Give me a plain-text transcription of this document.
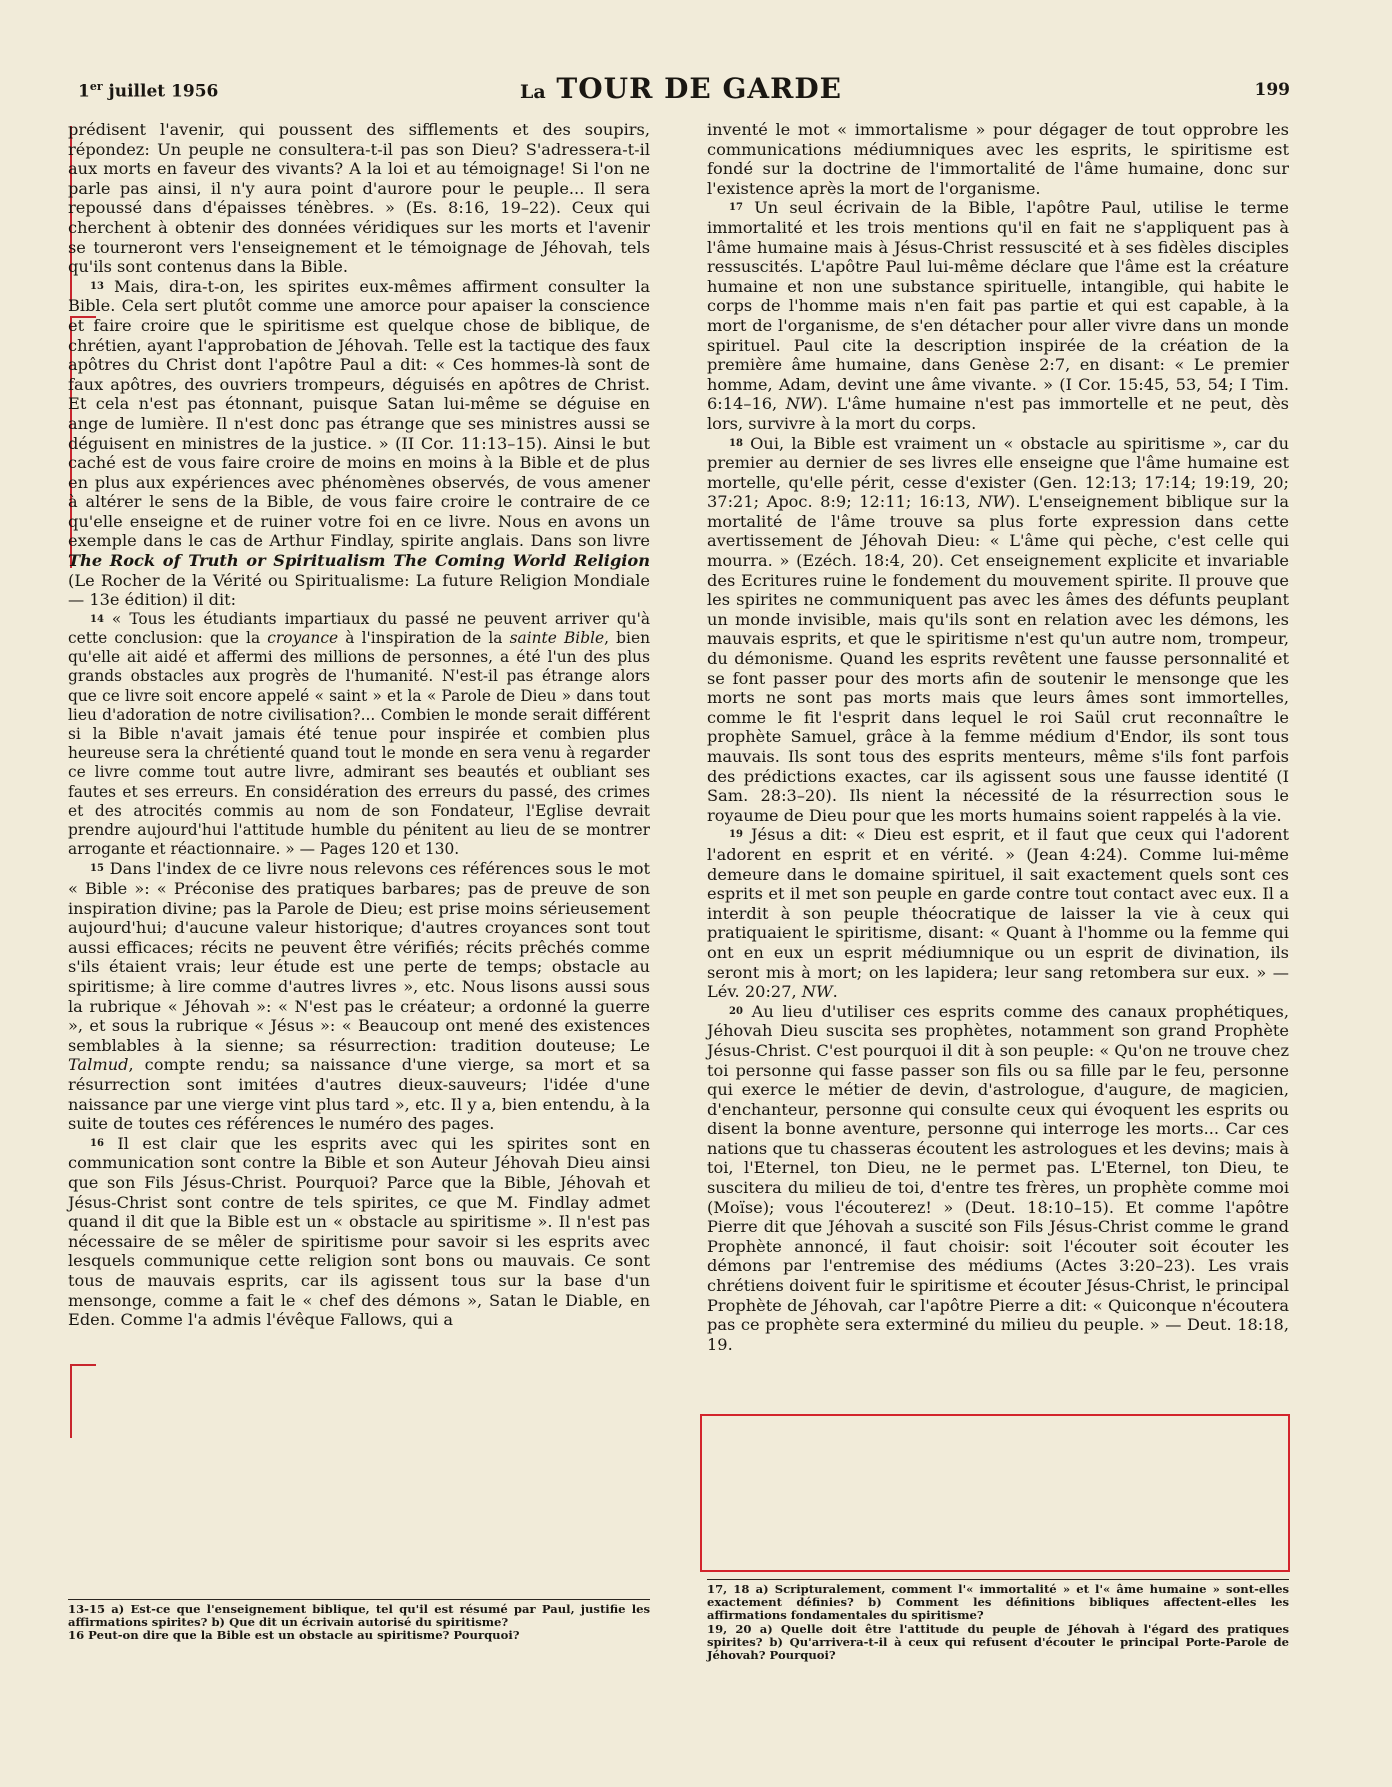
1er juillet 1956	La TOUR DE GARDE	199

prédisent l'avenir, qui poussent des sifflements et des soupirs, répondez: Un peuple ne consultera-t-il pas son Dieu? S'adressera-t-il aux morts en faveur des vivants? A la loi et au témoignage! Si l'on ne parle pas ainsi, il n'y aura point d'aurore pour le peuple... Il sera repoussé dans d'épaisses ténèbres. » (Es. 8:16, 19–22). Ceux qui cherchent à obtenir des données véridiques sur les morts et l'avenir se tourneront vers l'enseignement et le témoignage de Jéhovah, tels qu'ils sont contenus dans la Bible.

$^{13}$ Mais, dira-t-on, les spirites eux-mêmes affirment consulter la Bible. Cela sert plutôt comme une amorce pour apaiser la conscience et faire croire que le spiritisme est quelque chose de biblique, de chrétien, ayant l'approbation de Jéhovah. Telle est la tactique des faux apôtres du Christ dont l'apôtre Paul a dit: « Ces hommes-là sont de faux apôtres, des ouvriers trompeurs, déguisés en apôtres de Christ. Et cela n'est pas étonnant, puisque Satan lui-même se déguise en ange de lumière. Il n'est donc pas étrange que ses ministres aussi se déguisent en ministres de la justice. » (II Cor. 11:13–15). Ainsi le but caché est de vous faire croire de moins en moins à la Bible et de plus en plus aux expériences avec phénomènes observés, de vous amener à altérer le sens de la Bible, de vous faire croire le contraire de ce qu'elle enseigne et de ruiner votre foi en ce livre. Nous en avons un exemple dans le cas de Arthur Findlay, spirite anglais. Dans son livre The Rock of Truth or Spiritualism The Coming World Religion (Le Rocher de la Vérité ou Spiritualisme: La future Religion Mondiale — 13e édition) il dit:

$^{14}$ « Tous les étudiants impartiaux du passé ne peuvent arriver qu'à cette conclusion: que la croyance à l'inspiration de la sainte Bible, bien qu'elle ait aidé et affermi des millions de personnes, a été l'un des plus grands obstacles aux progrès de l'humanité. N'est-il pas étrange alors que ce livre soit encore appelé « saint » et la « Parole de Dieu » dans tout lieu d'adoration de notre civilisation?... Combien le monde serait différent si la Bible n'avait jamais été tenue pour inspirée et combien plus heureuse sera la chrétienté quand tout le monde en sera venu à regarder ce livre comme tout autre livre, admirant ses beautés et oubliant ses fautes et ses erreurs. En considération des erreurs du passé, des crimes et des atrocités commis au nom de son Fondateur, l'Eglise devrait prendre aujourd'hui l'attitude humble du pénitent au lieu de se montrer arrogante et réactionnaire. » — Pages 120 et 130.

$^{15}$ Dans l'index de ce livre nous relevons ces références sous le mot « Bible »: « Préconise des pratiques barbares; pas de preuve de son inspiration divine; pas la Parole de Dieu; est prise moins sérieusement aujourd'hui; d'aucune valeur historique; d'autres croyances sont tout aussi efficaces; récits ne peuvent être vérifiés; récits prêchés comme s'ils étaient vrais; leur étude est une perte de temps; obstacle au spiritisme; à lire comme d'autres livres », etc. Nous lisons aussi sous la rubrique « Jéhovah »: « N'est pas le créateur; a ordonné la guerre », et sous la rubrique « Jésus »: « Beaucoup ont mené des existences semblables à la sienne; sa résurrection: tradition douteuse; Le Talmud, compte rendu; sa naissance d'une vierge, sa mort et sa résurrection sont imitées d'autres dieux-sauveurs; l'idée d'une naissance par une vierge vint plus tard », etc. Il y a, bien entendu, à la suite de toutes ces références le numéro des pages.

$^{16}$ Il est clair que les esprits avec qui les spirites sont en communication sont contre la Bible et son Auteur Jéhovah Dieu ainsi que son Fils Jésus-Christ. Pourquoi? Parce que la Bible, Jéhovah et Jésus-Christ sont contre de tels spirites, ce que M. Findlay admet quand il dit que la Bible est un « obstacle au spiritisme ». Il n'est pas nécessaire de se mêler de spiritisme pour savoir si les esprits avec lesquels communique cette religion sont bons ou mauvais. Ce sont tous de mauvais esprits, car ils agissent tous sur la base d'un mensonge, comme a fait le « chef des démons », Satan le Diable, en Eden. Comme l'a admis l'évêque Fallows, qui a

13-15 a) Est-ce que l'enseignement biblique, tel qu'il est résumé par Paul, justifie les affirmations spirites? b) Que dit un écrivain autorisé du spiritisme?

16 Peut-on dire que la Bible est un obstacle au spiritisme? Pourquoi?

inventé le mot « immortalisme » pour dégager de tout opprobre les communications médiumniques avec les esprits, le spiritisme est fondé sur la doctrine de l'immortalité de l'âme humaine, donc sur l'existence après la mort de l'organisme.

$^{17}$ Un seul écrivain de la Bible, l'apôtre Paul, utilise le terme immortalité et les trois mentions qu'il en fait ne s'appliquent pas à l'âme humaine mais à Jésus-Christ ressuscité et à ses fidèles disciples ressuscités. L'apôtre Paul lui-même déclare que l'âme est la créature humaine et non une substance spirituelle, intangible, qui habite le corps de l'homme mais n'en fait pas partie et qui est capable, à la mort de l'organisme, de s'en détacher pour aller vivre dans un monde spirituel. Paul cite la description inspirée de la création de la première âme humaine, dans Genèse 2:7, en disant: « Le premier homme, Adam, devint une âme vivante. » (I Cor. 15:45, 53, 54; I Tim. 6:14–16, NW). L'âme humaine n'est pas immortelle et ne peut, dès lors, survivre à la mort du corps.

$^{18}$ Oui, la Bible est vraiment un « obstacle au spiritisme », car du premier au dernier de ses livres elle enseigne que l'âme humaine est mortelle, qu'elle périt, cesse d'exister (Gen. 12:13; 17:14; 19:19, 20; 37:21; Apoc. 8:9; 12:11; 16:13, NW). L'enseignement biblique sur la mortalité de l'âme trouve sa plus forte expression dans cette avertissement de Jéhovah Dieu: « L'âme qui pèche, c'est celle qui mourra. » (Ezéch. 18:4, 20). Cet enseignement explicite et invariable des Ecritures ruine le fondement du mouvement spirite. Il prouve que les spirites ne communiquent pas avec les âmes des défunts peuplant un monde invisible, mais qu'ils sont en relation avec les démons, les mauvais esprits, et que le spiritisme n'est qu'un autre nom, trompeur, du démonisme. Quand les esprits revêtent une fausse personnalité et se font passer pour des morts afin de soutenir le mensonge que les morts ne sont pas morts mais que leurs âmes sont immortelles, comme le fit l'esprit dans lequel le roi Saül crut reconnaître le prophète Samuel, grâce à la femme médium d'Endor, ils sont tous mauvais. Ils sont tous des esprits menteurs, même s'ils font parfois des prédictions exactes, car ils agissent sous une fausse identité (I Sam. 28:3–20). Ils nient la nécessité de la résurrection sous le royaume de Dieu pour que les morts humains soient rappelés à la vie.

$^{19}$ Jésus a dit: « Dieu est esprit, et il faut que ceux qui l'adorent l'adorent en esprit et en vérité. » (Jean 4:24). Comme lui-même demeure dans le domaine spirituel, il sait exactement quels sont ces esprits et il met son peuple en garde contre tout contact avec eux. Il a interdit à son peuple théocratique de laisser la vie à ceux qui pratiquaient le spiritisme, disant: « Quant à l'homme ou la femme qui ont en eux un esprit médiumnique ou un esprit de divination, ils seront mis à mort; on les lapidera; leur sang retombera sur eux. » — Lév. 20:27, NW.

$^{20}$ Au lieu d'utiliser ces esprits comme des canaux prophétiques, Jéhovah Dieu suscita ses prophètes, notamment son grand Prophète Jésus-Christ. C'est pourquoi il dit à son peuple: « Qu'on ne trouve chez toi personne qui fasse passer son fils ou sa fille par le feu, personne qui exerce le métier de devin, d'astrologue, d'augure, de magicien, d'enchanteur, personne qui consulte ceux qui évoquent les esprits ou disent la bonne aventure, personne qui interroge les morts... Car ces nations que tu chasseras écoutent les astrologues et les devins; mais à toi, l'Eternel, ton Dieu, ne le permet pas. L'Eternel, ton Dieu, te suscitera du milieu de toi, d'entre tes frères, un prophète comme moi (Moïse); vous l'écouterez! » (Deut. 18:10–15). Et comme l'apôtre Pierre dit que Jéhovah a suscité son Fils Jésus-Christ comme le grand Prophète annoncé, il faut choisir: soit l'écouter soit écouter les démons par l'entremise des médiums (Actes 3:20–23). Les vrais chrétiens doivent fuir le spiritisme et écouter Jésus-Christ, le principal Prophète de Jéhovah, car l'apôtre Pierre a dit: « Quiconque n'écoutera pas ce prophète sera exterminé du milieu du peuple. » — Deut. 18:18, 19.

17, 18 a) Scripturalement, comment l'« immortalité » et l'« âme humaine » sont-elles exactement définies? b) Comment les définitions bibliques affectent-elles les affirmations fondamentales du spiritisme?

19, 20 a) Quelle doit être l'attitude du peuple de Jéhovah à l'égard des pratiques spirites? b) Qu'arrivera-t-il à ceux qui refusent d'écouter le principal Porte-Parole de Jéhovah? Pourquoi?
